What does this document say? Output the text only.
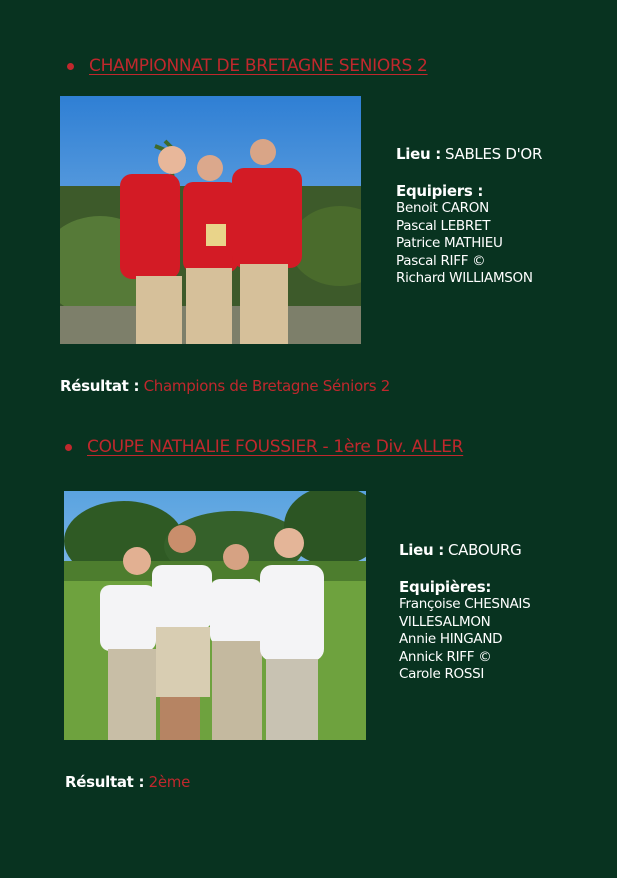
CHAMPIONNAT DE BRETAGNE SENIORS 2
Lieu : SABLES D'OR
Equipiers :
Benoit CARON
Pascal LEBRET
Patrice MATHIEU
Pascal RIFF ©
Richard WILLIAMSON
Résultat : Champions de Bretagne Séniors 2
COUPE NATHALIE FOUSSIER - 1ère Div. ALLER
Lieu : CABOURG
Equipières:
Françoise CHESNAIS
VILLESALMON
Annie HINGAND
Annick RIFF ©
Carole ROSSI
Résultat : 2ème
